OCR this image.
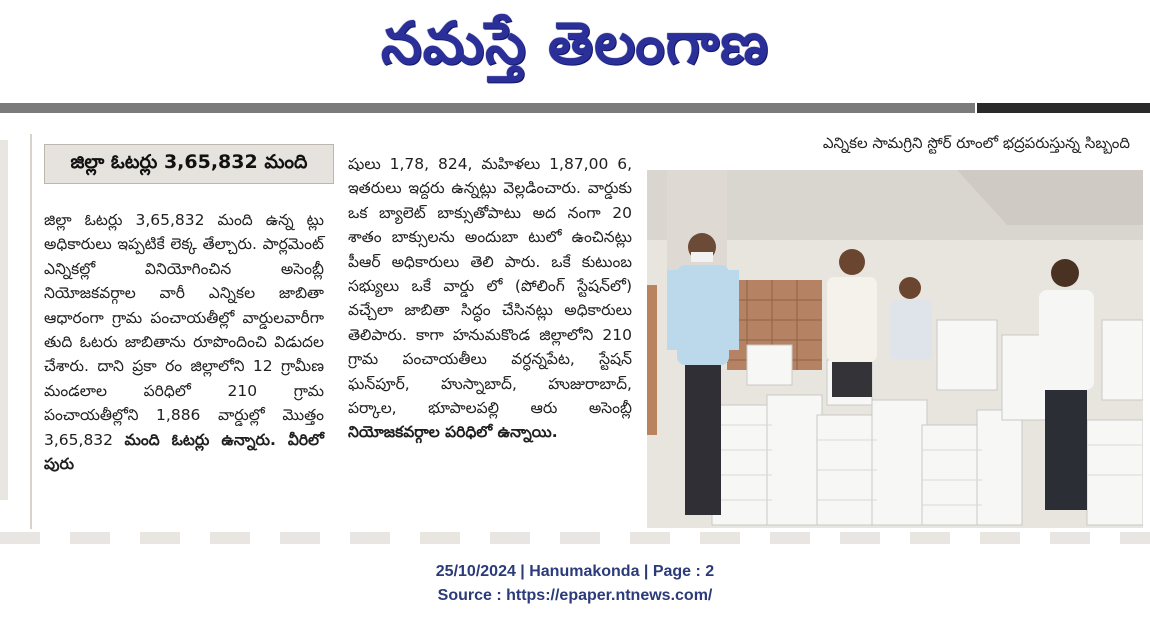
నమస్తే తెలంగాణ
జిల్లా ఓటర్లు 3,65,832 మంది

జిల్లా ఓటర్లు 3,65,832 మంది ఉన్న ట్లు అధికారులు ఇప్పటికే లెక్క తేల్చారు. పార్లమెంట్ ఎన్నికల్లో వినియోగించిన అసెంబ్లీ నియోజకవర్గాల వారీ ఎన్నికల జాబితా ఆధారంగా గ్రామ పంచాయతీల్లో వార్డులవారీగా తుది ఓటరు జాబితాను రూపొందించి విడుదల చేశారు. దాని ప్రకా రం జిల్లాలోని 12 గ్రామీణ మండలాల పరిధిలో 210 గ్రామ పంచాయతీల్లోని 1,886 వార్డుల్లో మొత్తం 3,65,832 మంది ఓటర్లు ఉన్నారు. వీరిలో పురు

షులు 1,78, 824, మహిళలు 1,87,00 6, ఇతరులు ఇద్దరు ఉన్నట్లు వెల్లడించారు. వార్డుకు ఒక బ్యాలెట్ బాక్సుతోపాటు అద నంగా 20 శాతం బాక్సులను అందుబా టులో ఉంచినట్లు పీఆర్ అధికారులు తెలి పారు. ఒకే కుటుంబ సభ్యులు ఒకే వార్డు లో (పోలింగ్ స్టేషన్‌లో) వచ్చేలా జాబితా సిద్ధం చేసినట్లు అధికారులు తెలిపారు. కాగా హనుమకొండ జిల్లాలోని 210 గ్రామ పంచాయతీలు వర్ధన్నపేట, స్టేషన్ ఘన్‌పూర్, హుస్నాబాద్, హుజురాబాద్, పర్కాల, భూపాలపల్లి ఆరు అసెంబ్లీ నియోజకవర్గాల పరిధిలో ఉన్నాయి.

ఎన్నికల సామగ్రిని స్టోర్ రూంలో భద్రపరుస్తున్న సిబ్బంది
25/10/2024 | Hanumakonda | Page : 2
Source : https://epaper.ntnews.com/
